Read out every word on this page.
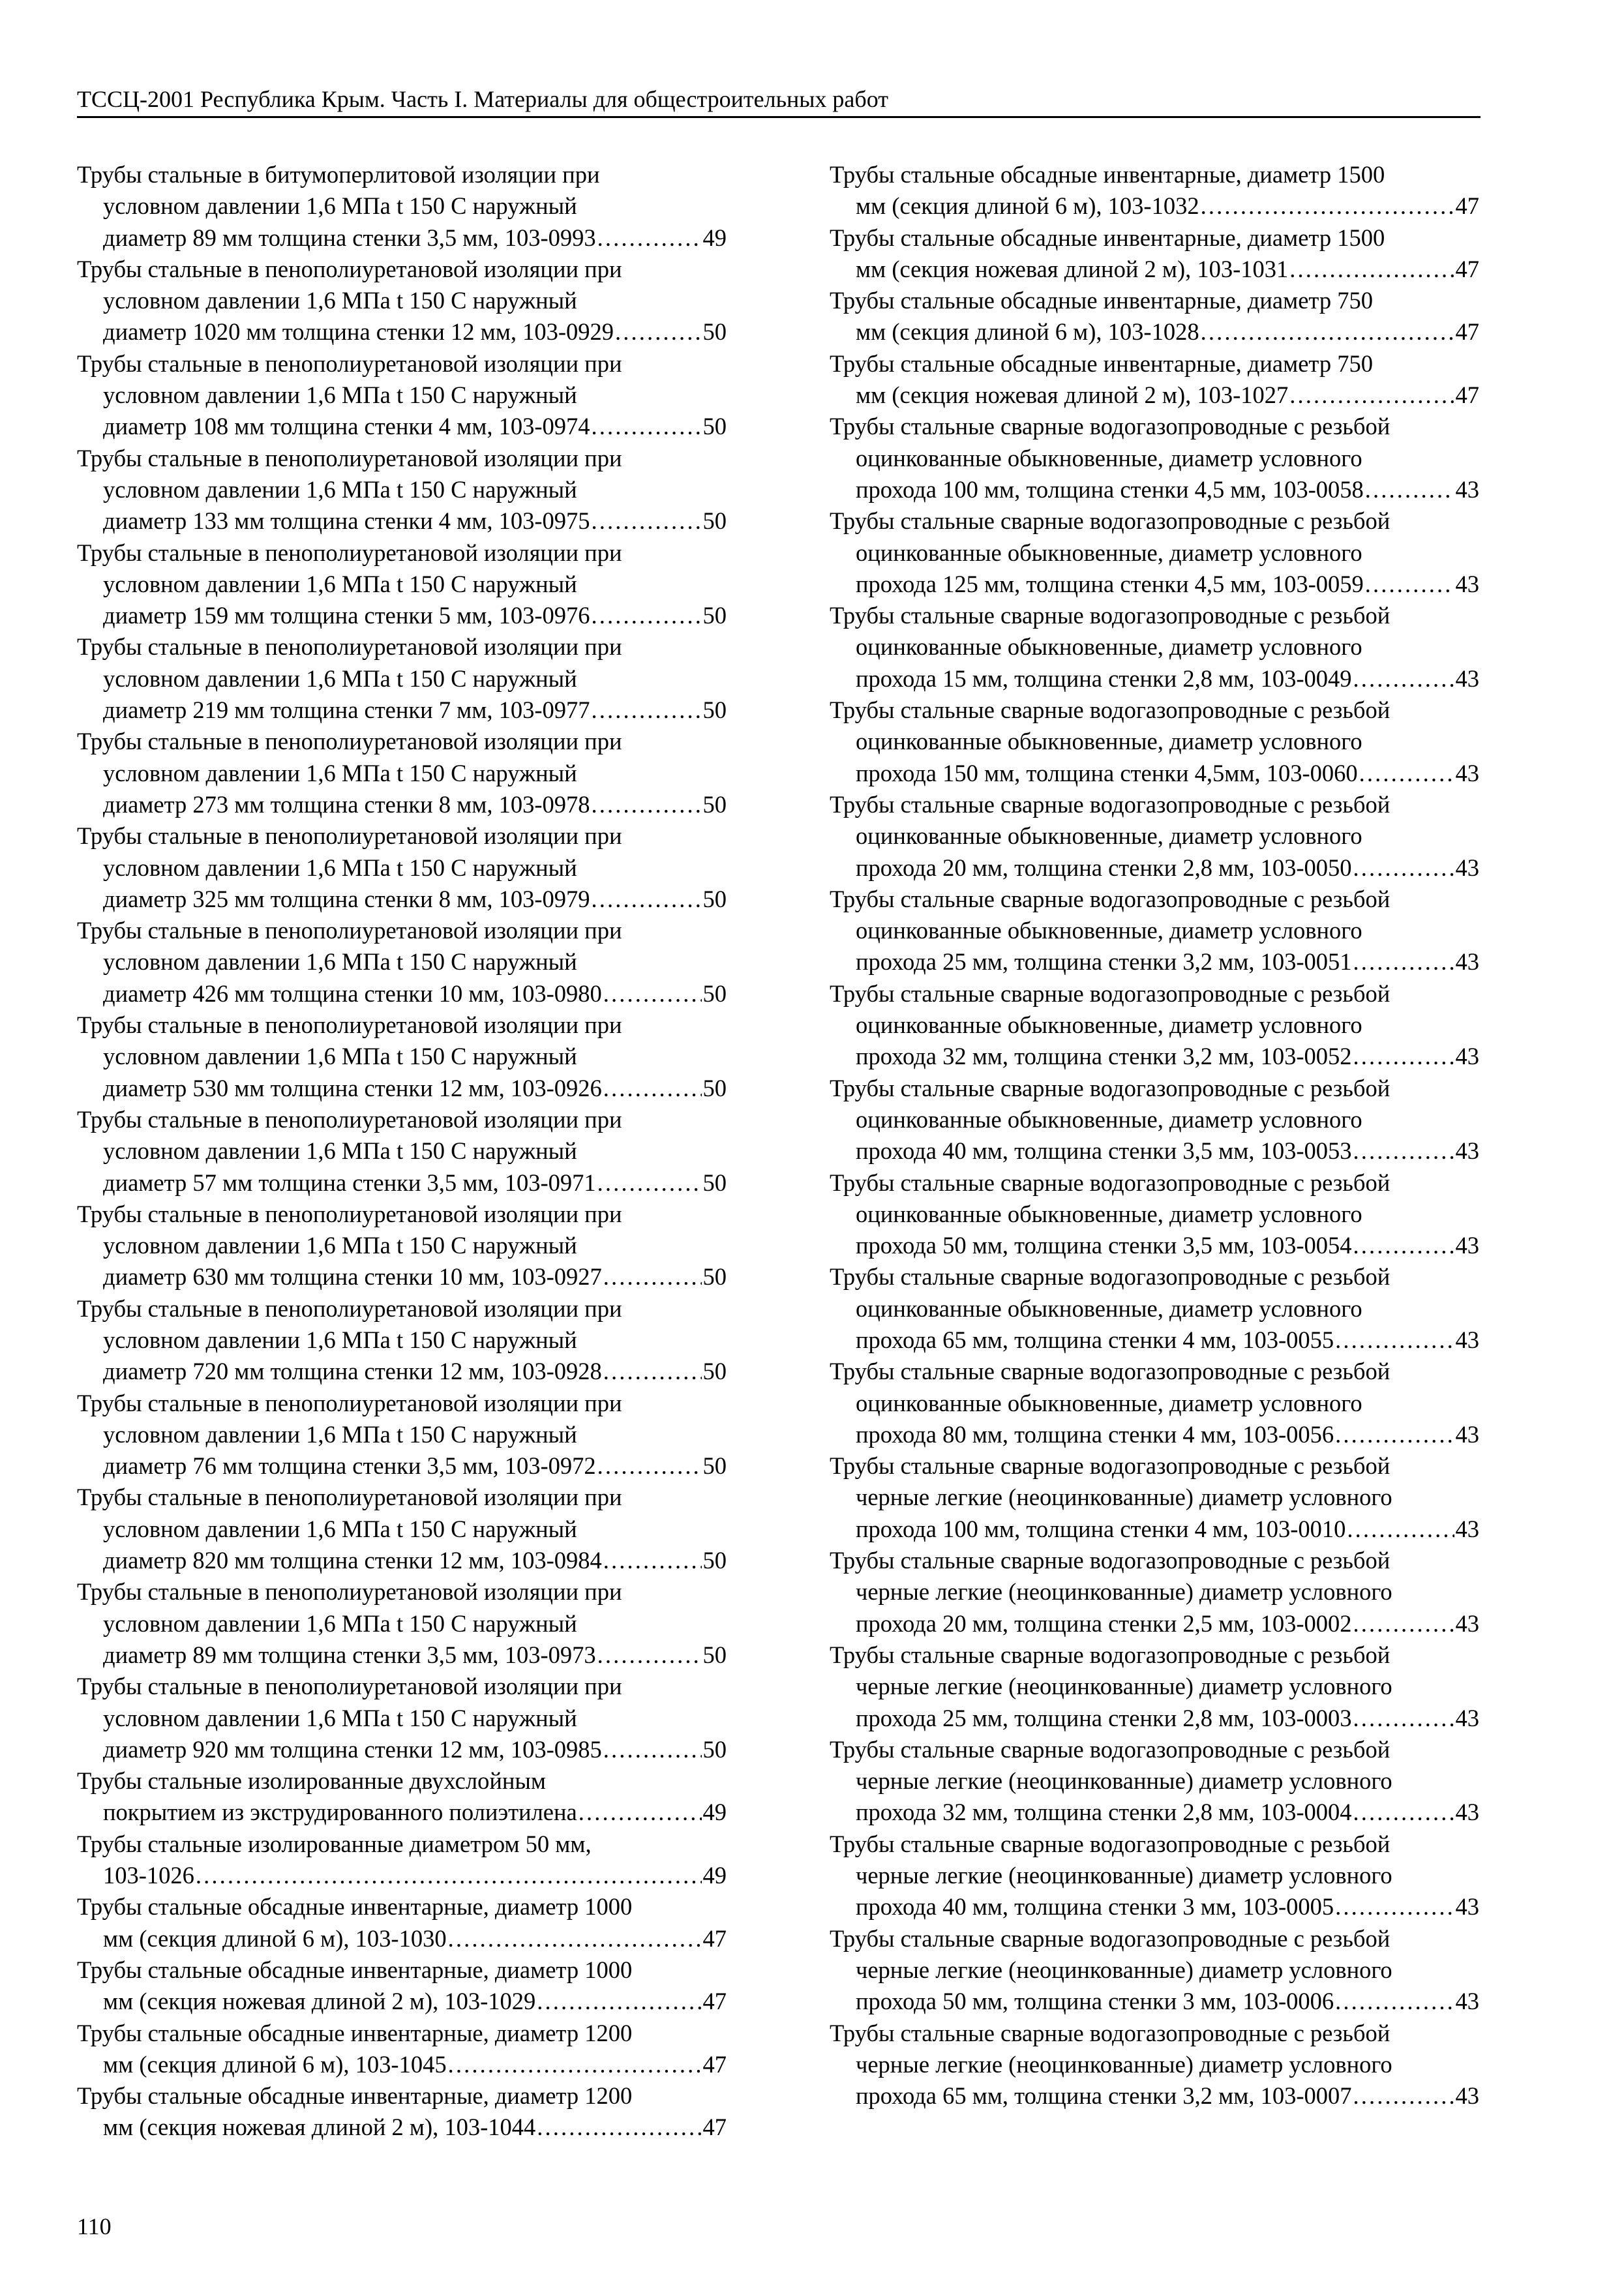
ТССЦ-2001 Республика Крым. Часть I. Материалы для общестроительных работ
Трубы стальные в битумоперлитовой изоляции при
условном давлении 1,6 МПа t 150 С наружный
диаметр 89 мм толщина стенки 3,5 мм, 103-0993 . . .	49
Трубы стальные в пенополиуретановой изоляции при
условном давлении 1,6 МПа t 150 С наружный
диаметр 1020 мм толщина стенки 12 мм, 103-0929 . . .	50
Трубы стальные в пенополиуретановой изоляции при
условном давлении 1,6 МПа t 150 С наружный
диаметр 108 мм толщина стенки 4 мм, 103-0974 . . .	50
Трубы стальные в пенополиуретановой изоляции при
условном давлении 1,6 МПа t 150 С наружный
диаметр 133 мм толщина стенки 4 мм, 103-0975 . . .	50
Трубы стальные в пенополиуретановой изоляции при
условном давлении 1,6 МПа t 150 С наружный
диаметр 159 мм толщина стенки 5 мм, 103-0976 . . .	50
Трубы стальные в пенополиуретановой изоляции при
условном давлении 1,6 МПа t 150 С наружный
диаметр 219 мм толщина стенки 7 мм, 103-0977 . . .	50
Трубы стальные в пенополиуретановой изоляции при
условном давлении 1,6 МПа t 150 С наружный
диаметр 273 мм толщина стенки 8 мм, 103-0978 . . .	50
Трубы стальные в пенополиуретановой изоляции при
условном давлении 1,6 МПа t 150 С наружный
диаметр 325 мм толщина стенки 8 мм, 103-0979 . . .	50
Трубы стальные в пенополиуретановой изоляции при
условном давлении 1,6 МПа t 150 С наружный
диаметр 426 мм толщина стенки 10 мм, 103-0980 . . .	50
Трубы стальные в пенополиуретановой изоляции при
условном давлении 1,6 МПа t 150 С наружный
диаметр 530 мм толщина стенки 12 мм, 103-0926 . . .	50
Трубы стальные в пенополиуретановой изоляции при
условном давлении 1,6 МПа t 150 С наружный
диаметр 57 мм толщина стенки 3,5 мм, 103-0971 . . .	50
Трубы стальные в пенополиуретановой изоляции при
условном давлении 1,6 МПа t 150 С наружный
диаметр 630 мм толщина стенки 10 мм, 103-0927 . . .	50
Трубы стальные в пенополиуретановой изоляции при
условном давлении 1,6 МПа t 150 С наружный
диаметр 720 мм толщина стенки 12 мм, 103-0928 . . .	50
Трубы стальные в пенополиуретановой изоляции при
условном давлении 1,6 МПа t 150 С наружный
диаметр 76 мм толщина стенки 3,5 мм, 103-0972 . . .	50
Трубы стальные в пенополиуретановой изоляции при
условном давлении 1,6 МПа t 150 С наружный
диаметр 820 мм толщина стенки 12 мм, 103-0984 . . .	50
Трубы стальные в пенополиуретановой изоляции при
условном давлении 1,6 МПа t 150 С наружный
диаметр 89 мм толщина стенки 3,5 мм, 103-0973 . . .	50
Трубы стальные в пенополиуретановой изоляции при
условном давлении 1,6 МПа t 150 С наружный
диаметр 920 мм толщина стенки 12 мм, 103-0985 . . .	50
Трубы стальные изолированные двухслойным
покрытием из экструдированного полиэтилена . . .	49
Трубы стальные изолированные диаметром 50 мм,
103-1026 . . .	49
Трубы стальные обсадные инвентарные, диаметр 1000
мм (секция длиной 6 м), 103-1030 . . .	47
Трубы стальные обсадные инвентарные, диаметр 1000
мм (секция ножевая длиной 2 м), 103-1029 . . .	47
Трубы стальные обсадные инвентарные, диаметр 1200
мм (секция длиной 6 м), 103-1045 . . .	47
Трубы стальные обсадные инвентарные, диаметр 1200
мм (секция ножевая длиной 2 м), 103-1044 . . .	47
Трубы стальные обсадные инвентарные, диаметр 1500
мм (секция длиной 6 м), 103-1032 . . .	47
Трубы стальные обсадные инвентарные, диаметр 1500
мм (секция ножевая длиной 2 м), 103-1031 . . .	47
Трубы стальные обсадные инвентарные, диаметр 750
мм (секция длиной 6 м), 103-1028 . . .	47
Трубы стальные обсадные инвентарные, диаметр 750
мм (секция ножевая длиной 2 м), 103-1027 . . .	47
Трубы стальные сварные водогазопроводные с резьбой
оцинкованные обыкновенные, диаметр условного
прохода 100 мм, толщина стенки 4,5 мм, 103-0058 . . .	43
Трубы стальные сварные водогазопроводные с резьбой
оцинкованные обыкновенные, диаметр условного
прохода 125 мм, толщина стенки 4,5 мм, 103-0059 . . .	43
Трубы стальные сварные водогазопроводные с резьбой
оцинкованные обыкновенные, диаметр условного
прохода 15 мм, толщина стенки 2,8 мм, 103-0049 . . .	43
Трубы стальные сварные водогазопроводные с резьбой
оцинкованные обыкновенные, диаметр условного
прохода 150 мм, толщина стенки 4,5мм, 103-0060 . . .	43
Трубы стальные сварные водогазопроводные с резьбой
оцинкованные обыкновенные, диаметр условного
прохода 20 мм, толщина стенки 2,8 мм, 103-0050 . . .	43
Трубы стальные сварные водогазопроводные с резьбой
оцинкованные обыкновенные, диаметр условного
прохода 25 мм, толщина стенки 3,2 мм, 103-0051 . . .	43
Трубы стальные сварные водогазопроводные с резьбой
оцинкованные обыкновенные, диаметр условного
прохода 32 мм, толщина стенки 3,2 мм, 103-0052 . . .	43
Трубы стальные сварные водогазопроводные с резьбой
оцинкованные обыкновенные, диаметр условного
прохода 40 мм, толщина стенки 3,5 мм, 103-0053 . . .	43
Трубы стальные сварные водогазопроводные с резьбой
оцинкованные обыкновенные, диаметр условного
прохода 50 мм, толщина стенки 3,5 мм, 103-0054 . . .	43
Трубы стальные сварные водогазопроводные с резьбой
оцинкованные обыкновенные, диаметр условного
прохода 65 мм, толщина стенки 4 мм, 103-0055 . . .	43
Трубы стальные сварные водогазопроводные с резьбой
оцинкованные обыкновенные, диаметр условного
прохода 80 мм, толщина стенки 4 мм, 103-0056 . . .	43
Трубы стальные сварные водогазопроводные с резьбой
черные легкие (неоцинкованные) диаметр условного
прохода 100 мм, толщина стенки 4 мм, 103-0010 . . .	43
Трубы стальные сварные водогазопроводные с резьбой
черные легкие (неоцинкованные) диаметр условного
прохода 20 мм, толщина стенки 2,5 мм, 103-0002 . . .	43
Трубы стальные сварные водогазопроводные с резьбой
черные легкие (неоцинкованные) диаметр условного
прохода 25 мм, толщина стенки 2,8 мм, 103-0003 . . .	43
Трубы стальные сварные водогазопроводные с резьбой
черные легкие (неоцинкованные) диаметр условного
прохода 32 мм, толщина стенки 2,8 мм, 103-0004 . . .	43
Трубы стальные сварные водогазопроводные с резьбой
черные легкие (неоцинкованные) диаметр условного
прохода 40 мм, толщина стенки 3 мм, 103-0005 . . .	43
Трубы стальные сварные водогазопроводные с резьбой
черные легкие (неоцинкованные) диаметр условного
прохода 50 мм, толщина стенки 3 мм, 103-0006 . . .	43
Трубы стальные сварные водогазопроводные с резьбой
черные легкие (неоцинкованные) диаметр условного
прохода 65 мм, толщина стенки 3,2 мм, 103-0007 . . .	43
110
